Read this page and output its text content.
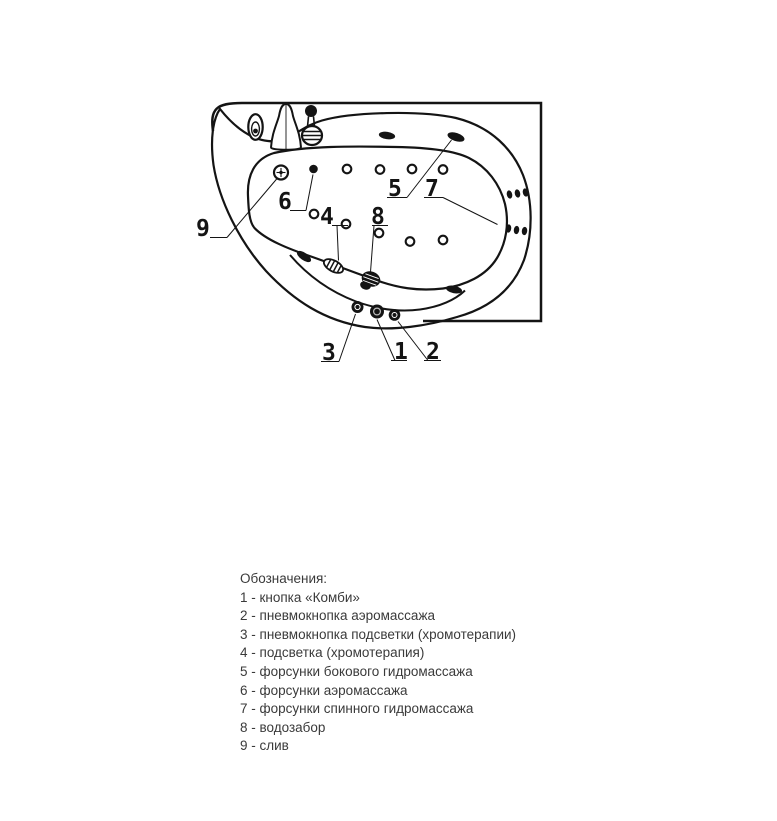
9
6
4 8
5 7
3	1 2
Обозначения:
1 - кнопка «Комби»
2 - пневмокнопка аэромассажа
3 - пневмокнопка подсветки (хромотерапии)
4 - подсветка (хромотерапия)
5 - форсунки бокового гидромассажа
6 - форсунки аэромассажа
7 - форсунки спинного гидромассажа
8 - водозабор
9 - слив
